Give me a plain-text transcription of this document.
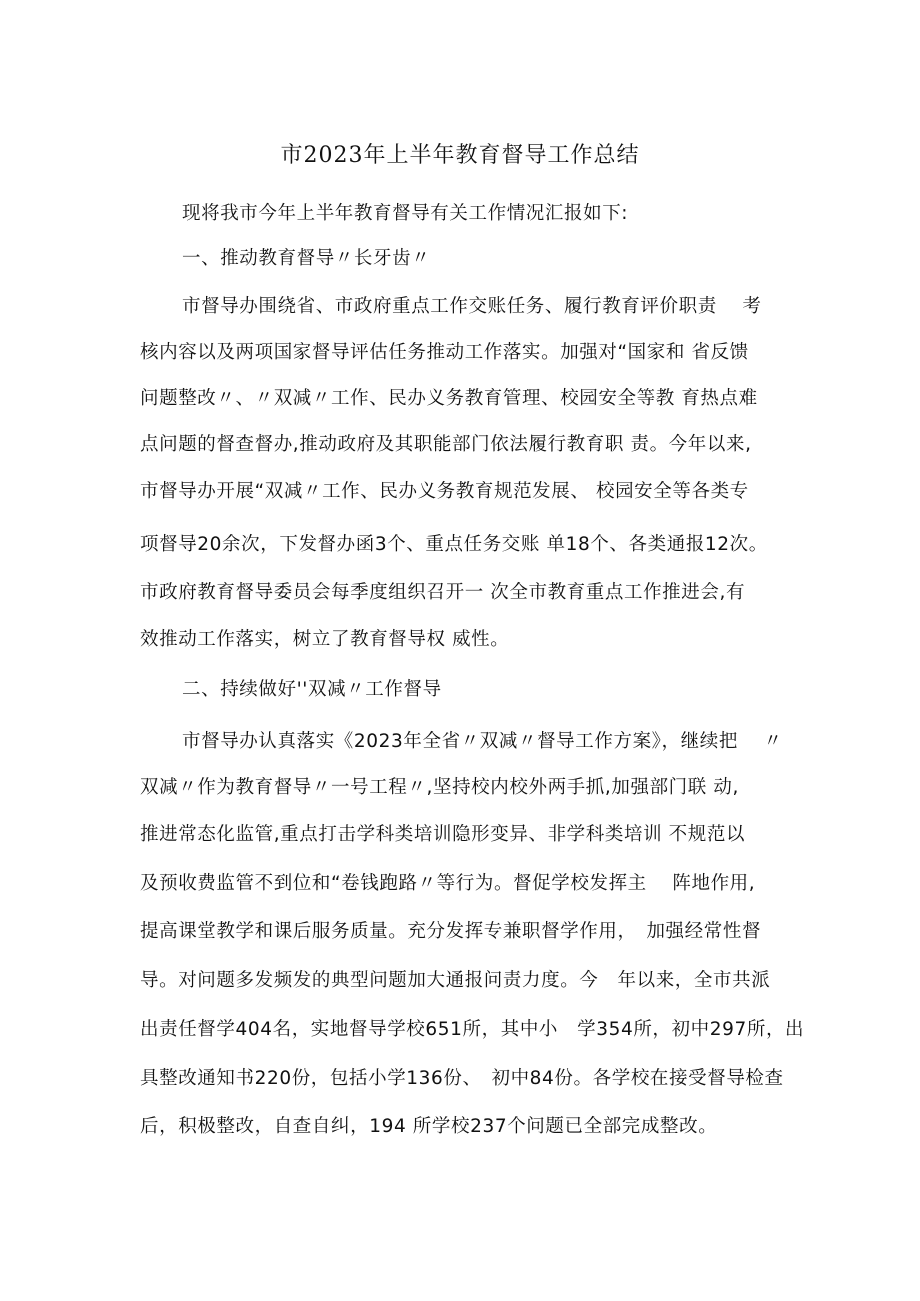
市2023年上半年教育督导工作总结
现将我市今年上半年教育督导有关工作情况汇报如下:
一、推动教育督导〃长牙齿〃
市督导办围绕省、市政府重点工作交账任务、履行教育评价职责　 考
核内容以及两项国家督导评估任务推动工作落实。加强对“国家和 省反馈
问题整改〃、〃双减〃工作、民办义务教育管理、校园安全等教 育热点难
点问题的督查督办,推动政府及其职能部门依法履行教育职 责。今年以来,
市督导办开展“双减〃工作、民办义务教育规范发展、 校园安全等各类专
项督导20余次，下发督办函3个、重点任务交账 单18个、各类通报12次。
市政府教育督导委员会每季度组织召开一 次全市教育重点工作推进会,有
效推动工作落实，树立了教育督导权 威性。
二、持续做好''双减〃工作督导
市督导办认真落实《2023年全省〃双减〃督导工作方案》，继续把　 〃
双减〃作为教育督导〃一号工程〃,坚持校内校外两手抓,加强部门联 动,
推进常态化监管,重点打击学科类培训隐形变异、非学科类培训 不规范以
及预收费监管不到位和“卷钱跑路〃等行为。督促学校发挥主　 阵地作用,
提高课堂教学和课后服务质量。充分发挥专兼职督学作用，　加强经常性督
导。对问题多发频发的典型问题加大通报问责力度。今　年以来，全市共派
出责任督学404名，实地督导学校651所，其中小　学354所，初中297所，出
具整改通知书220份，包括小学136份、　初中84份。各学校在接受督导检查
后，积极整改，自查自纠，194 所学校237个问题已全部完成整改。
